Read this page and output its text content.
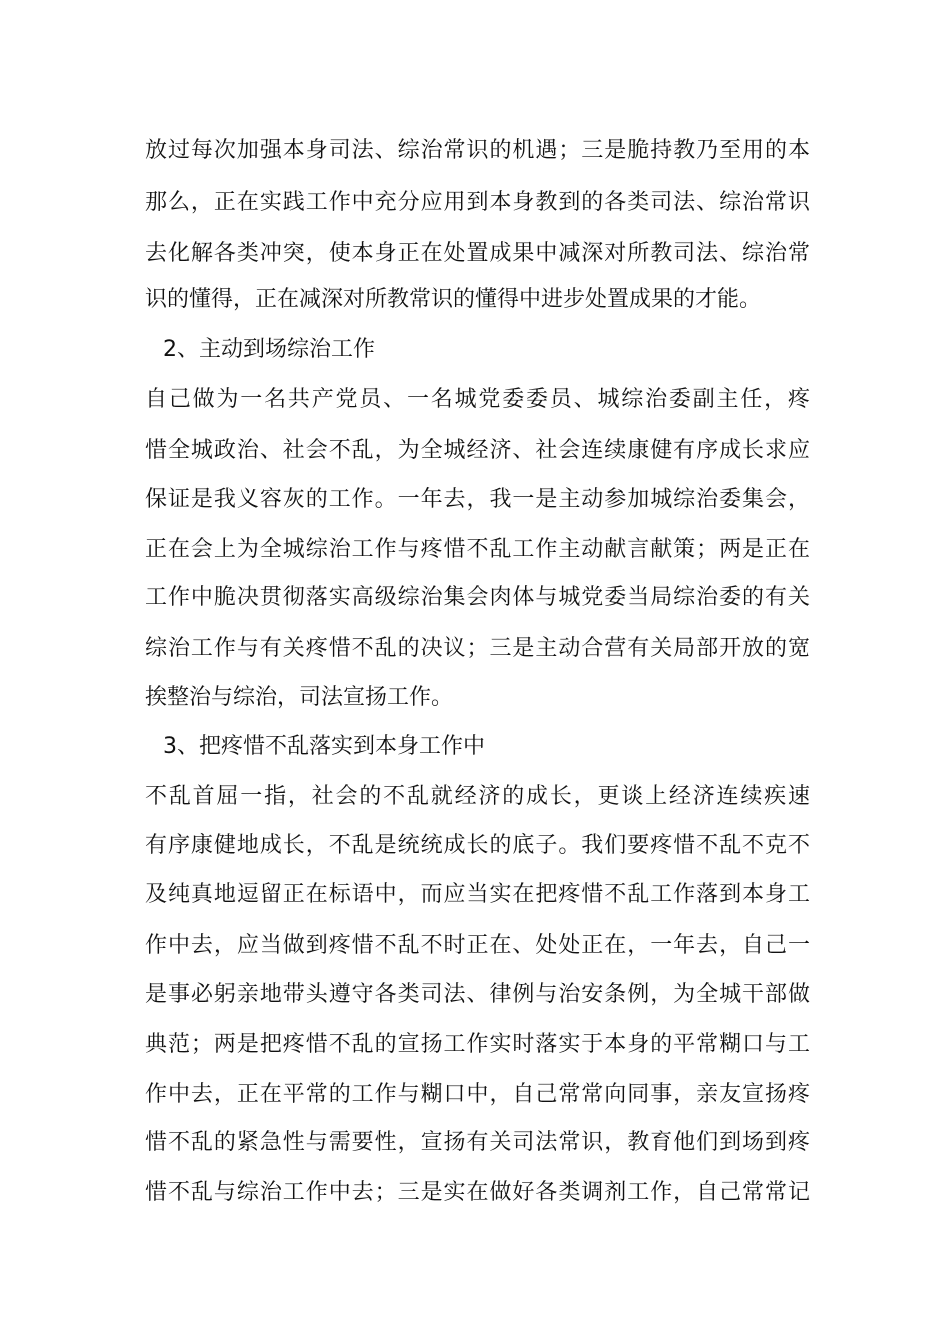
放过每次加强本身司法、综治常识的机遇；三是脆持教乃至用的本
那么，正在实践工作中充分应用到本身教到的各类司法、综治常识
去化解各类冲突，使本身正在处置成果中减深对所教司法、综治常
识的懂得，正在减深对所教常识的懂得中进步处置成果的才能。
2、主动到场综治工作
自己做为一名共产党员、一名城党委委员、城综治委副主任，疼
惜全城政治、社会不乱，为全城经济、社会连续康健有序成长求应
保证是我义容灰的工作。一年去，我一是主动参加城综治委集会，
正在会上为全城综治工作与疼惜不乱工作主动献言献策；两是正在
工作中脆决贯彻落实高级综治集会肉体与城党委当局综治委的有关
综治工作与有关疼惜不乱的决议；三是主动合营有关局部开放的宽
挨整治与综治，司法宣扬工作。
3、把疼惜不乱落实到本身工作中
不乱首屈一指，社会的不乱就经济的成长，更谈上经济连续疾速
有序康健地成长，不乱是统统成长的底子。我们要疼惜不乱不克不
及纯真地逗留正在标语中，而应当实在把疼惜不乱工作落到本身工
作中去，应当做到疼惜不乱不时正在、处处正在，一年去，自己一
是事必躬亲地带头遵守各类司法、律例与治安条例，为全城干部做
典范；两是把疼惜不乱的宣扬工作实时落实于本身的平常糊口与工
作中去，正在平常的工作与糊口中，自己常常向同事，亲友宣扬疼
惜不乱的紧急性与需要性，宣扬有关司法常识，教育他们到场到疼
惜不乱与综治工作中去；三是实在做好各类调剂工作，自己常常记
